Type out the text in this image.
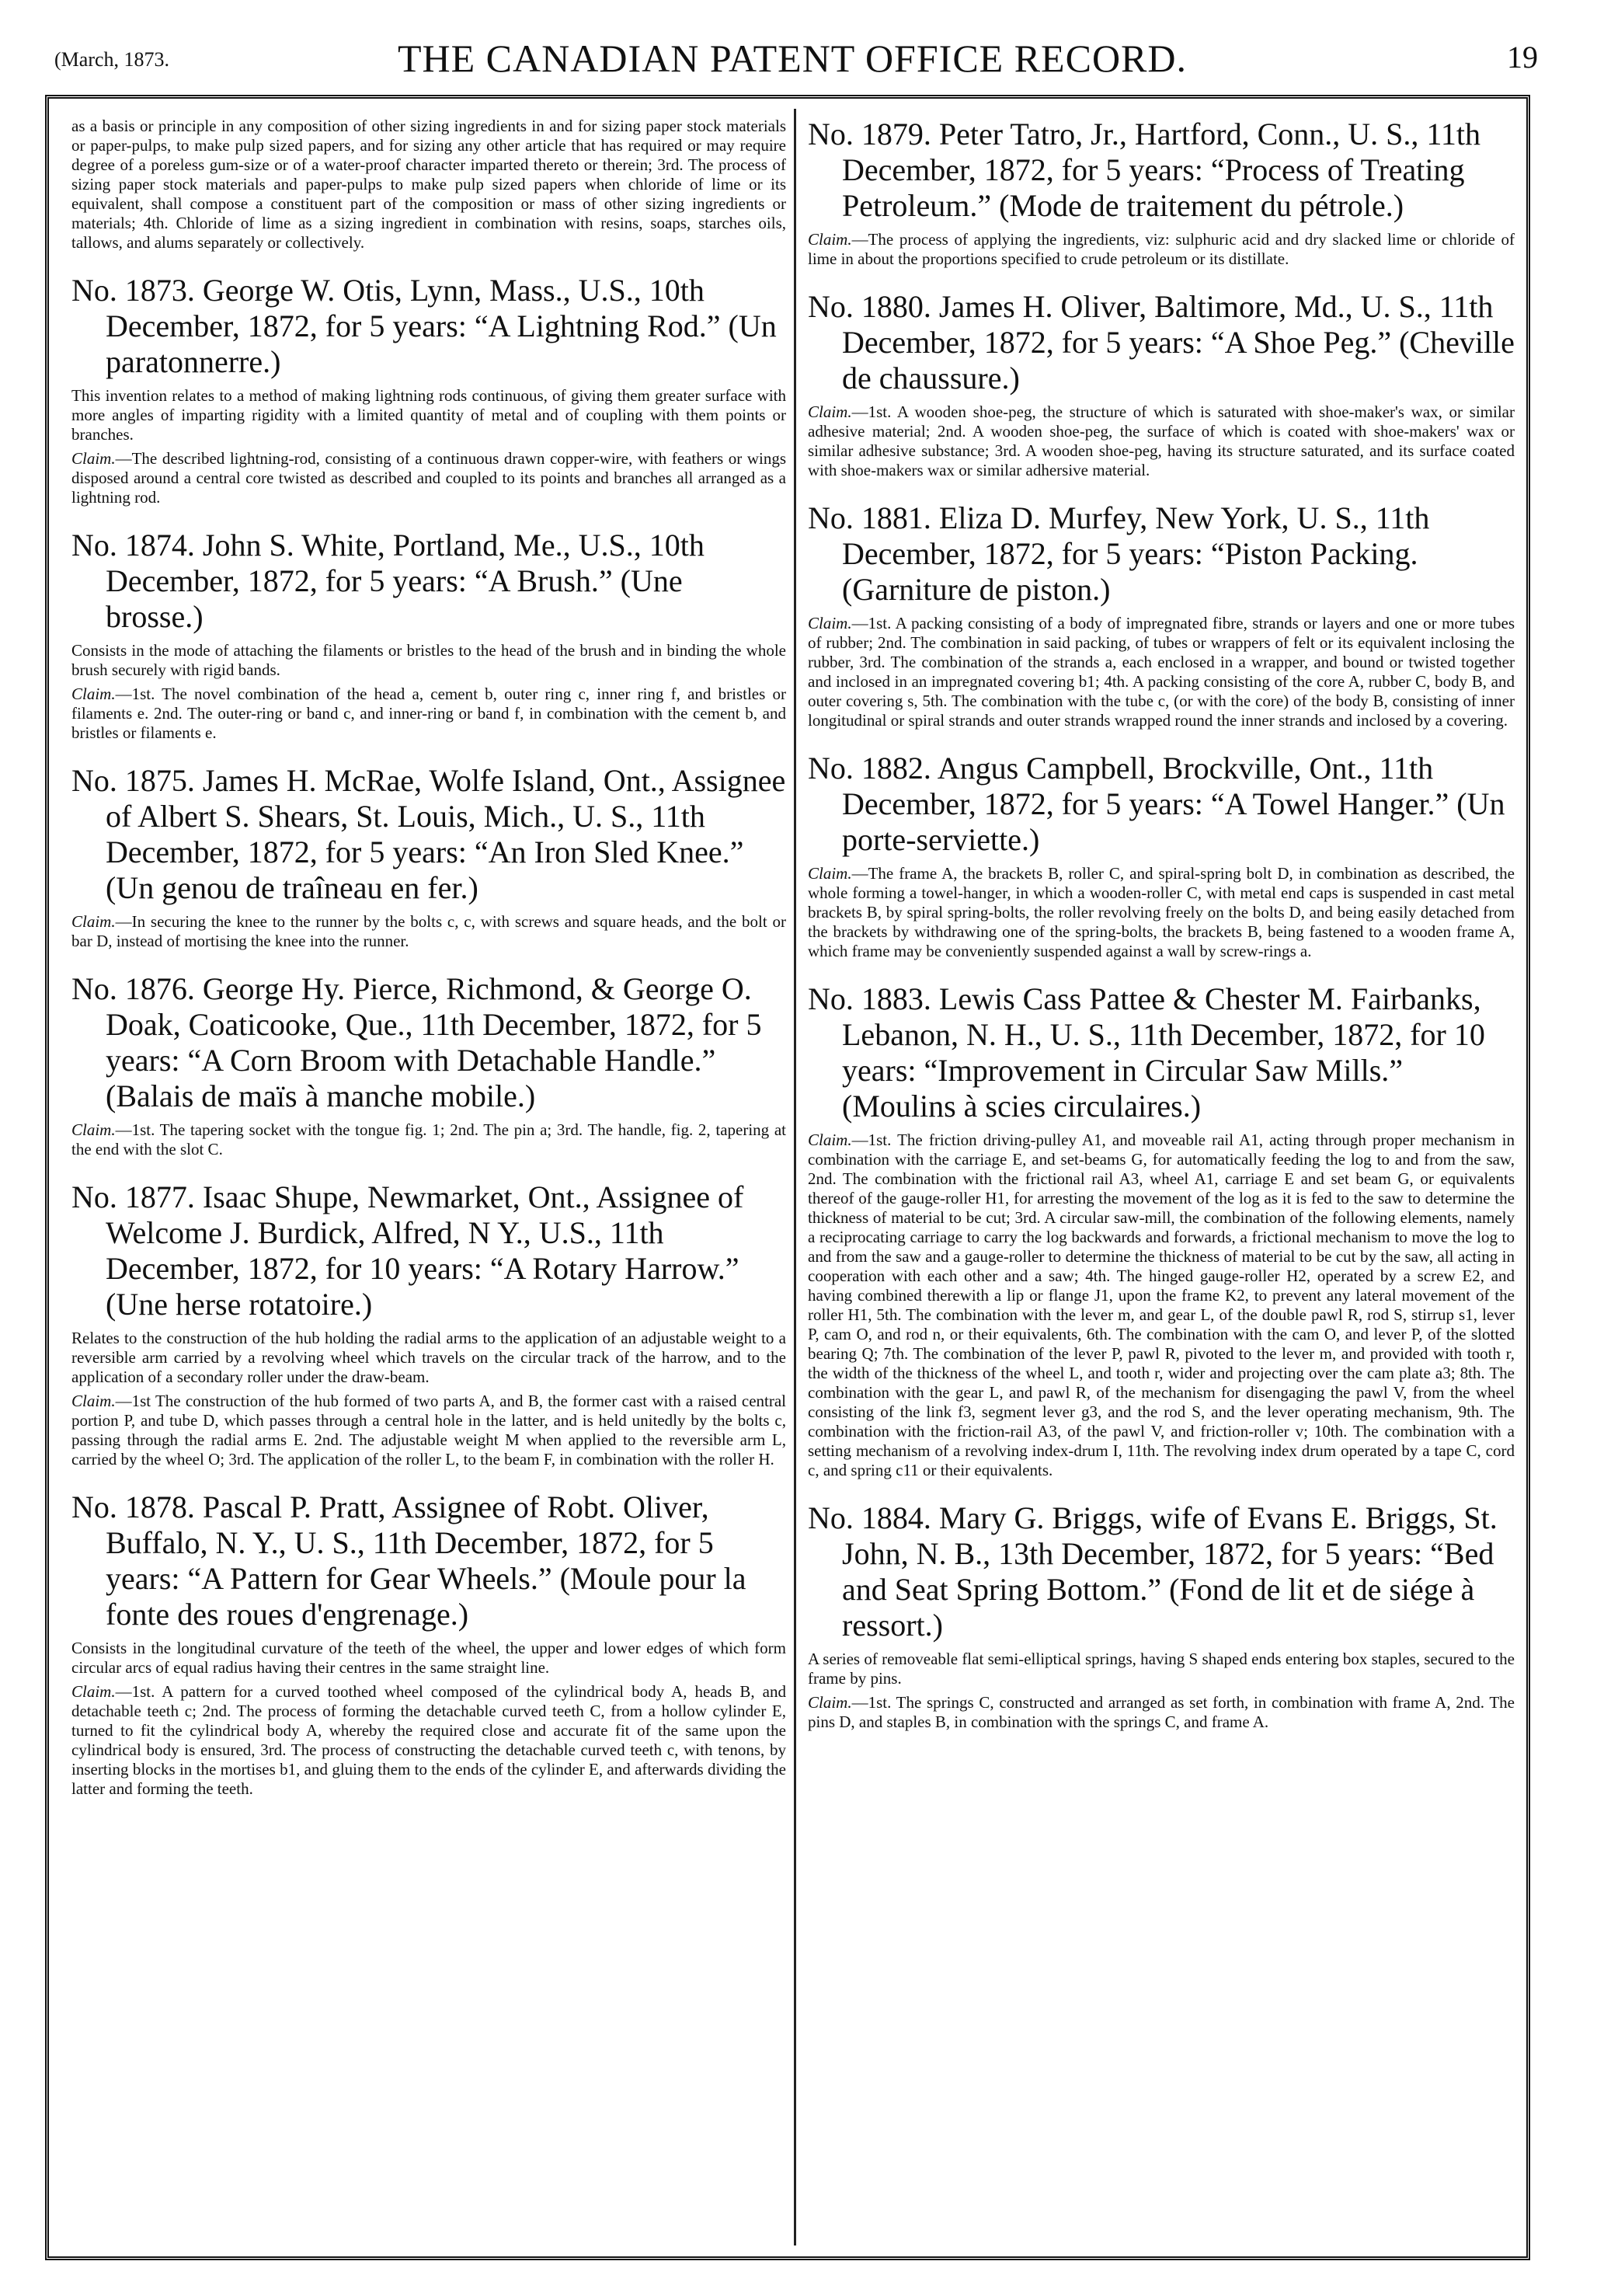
(March, 1873.	THE CANADIAN PATENT OFFICE RECORD.	19

as a basis or principle in any composition of other sizing ingredients in and for sizing paper stock materials or paper-pulps, to make pulp sized papers, and for sizing any other article that has required or may require degree of a poreless gum-size or of a water-proof character imparted thereto or therein; 3rd. The process of sizing paper stock materials and paper-pulps to make pulp sized papers when chloride of lime or its equivalent, shall compose a constituent part of the composition or mass of other sizing ingredients or materials; 4th. Chloride of lime as a sizing ingredient in combination with resins, soaps, starches oils, tallows, and alums separately or collectively.

No. 1873. George W. Otis, Lynn, Mass., U.S., 10th December, 1872, for 5 years: “A Lightning Rod.” (Un paratonnerre.)

This invention relates to a method of making lightning rods continuous, of giving them greater surface with more angles of imparting rigidity with a limited quantity of metal and of coupling with them points or branches.

Claim.—The described lightning-rod, consisting of a continuous drawn copper-wire, with feathers or wings disposed around a central core twisted as described and coupled to its points and branches all arranged as a lightning rod.

No. 1874. John S. White, Portland, Me., U.S., 10th December, 1872, for 5 years: “A Brush.” (Une brosse.)

Consists in the mode of attaching the filaments or bristles to the head of the brush and in binding the whole brush securely with rigid bands.

Claim.—1st. The novel combination of the head a, cement b, outer ring c, inner ring f, and bristles or filaments e. 2nd. The outer-ring or band c, and inner-ring or band f, in combination with the cement b, and bristles or filaments e.

No. 1875. James H. McRae, Wolfe Island, Ont., Assignee of Albert S. Shears, St. Louis, Mich., U. S., 11th December, 1872, for 5 years: “An Iron Sled Knee.” (Un genou de traîneau en fer.)

Claim.—In securing the knee to the runner by the bolts c, c, with screws and square heads, and the bolt or bar D, instead of mortising the knee into the runner.

No. 1876. George Hy. Pierce, Richmond, & George O. Doak, Coaticooke, Que., 11th December, 1872, for 5 years: “A Corn Broom with Detachable Handle.” (Balais de maïs à manche mobile.)

Claim.—1st. The tapering socket with the tongue fig. 1; 2nd. The pin a; 3rd. The handle, fig. 2, tapering at the end with the slot C.

No. 1877. Isaac Shupe, Newmarket, Ont., Assignee of Welcome J. Burdick, Alfred, N Y., U.S., 11th December, 1872, for 10 years: “A Rotary Harrow.” (Une herse rotatoire.)

Relates to the construction of the hub holding the radial arms to the application of an adjustable weight to a reversible arm carried by a revolving wheel which travels on the circular track of the harrow, and to the application of a secondary roller under the draw-beam.

Claim.—1st The construction of the hub formed of two parts A, and B, the former cast with a raised central portion P, and tube D, which passes through a central hole in the latter, and is held unitedly by the bolts c, passing through the radial arms E. 2nd. The adjustable weight M when applied to the reversible arm L, carried by the wheel O; 3rd. The application of the roller L, to the beam F, in combination with the roller H.

No. 1878. Pascal P. Pratt, Assignee of Robt. Oliver, Buffalo, N. Y., U. S., 11th December, 1872, for 5 years: “A Pattern for Gear Wheels.” (Moule pour la fonte des roues d'engrenage.)

Consists in the longitudinal curvature of the teeth of the wheel, the upper and lower edges of which form circular arcs of equal radius having their centres in the same straight line.

Claim.—1st. A pattern for a curved toothed wheel composed of the cylindrical body A, heads B, and detachable teeth c; 2nd. The process of forming the detachable curved teeth C, from a hollow cylinder E, turned to fit the cylindrical body A, whereby the required close and accurate fit of the same upon the cylindrical body is ensured, 3rd. The process of constructing the detachable curved teeth c, with tenons, by inserting blocks in the mortises b1, and gluing them to the ends of the cylinder E, and afterwards dividing the latter and forming the teeth.

No. 1879. Peter Tatro, Jr., Hartford, Conn., U. S., 11th December, 1872, for 5 years: “Process of Treating Petroleum.” (Mode de traitement du pétrole.)

Claim.—The process of applying the ingredients, viz: sulphuric acid and dry slacked lime or chloride of lime in about the proportions specified to crude petroleum or its distillate.

No. 1880. James H. Oliver, Baltimore, Md., U. S., 11th December, 1872, for 5 years: “A Shoe Peg.” (Cheville de chaussure.)

Claim.—1st. A wooden shoe-peg, the structure of which is saturated with shoe-maker's wax, or similar adhesive material; 2nd. A wooden shoe-peg, the surface of which is coated with shoe-makers' wax or similar adhesive substance; 3rd. A wooden shoe-peg, having its structure saturated, and its surface coated with shoe-makers wax or similar adhersive material.

No. 1881. Eliza D. Murfey, New York, U. S., 11th December, 1872, for 5 years: “Piston Packing. (Garniture de piston.)

Claim.—1st. A packing consisting of a body of impregnated fibre, strands or layers and one or more tubes of rubber; 2nd. The combination in said packing, of tubes or wrappers of felt or its equivalent inclosing the rubber, 3rd. The combination of the strands a, each enclosed in a wrapper, and bound or twisted together and inclosed in an impregnated covering b1; 4th. A packing consisting of the core A, rubber C, body B, and outer covering s, 5th. The combination with the tube c, (or with the core) of the body B, consisting of inner longitudinal or spiral strands and outer strands wrapped round the inner strands and inclosed by a covering.

No. 1882. Angus Campbell, Brockville, Ont., 11th December, 1872, for 5 years: “A Towel Hanger.” (Un porte-serviette.)

Claim.—The frame A, the brackets B, roller C, and spiral-spring bolt D, in combination as described, the whole forming a towel-hanger, in which a wooden-roller C, with metal end caps is suspended in cast metal brackets B, by spiral spring-bolts, the roller revolving freely on the bolts D, and being easily detached from the brackets by withdrawing one of the spring-bolts, the brackets B, being fastened to a wooden frame A, which frame may be conveniently suspended against a wall by screw-rings a.

No. 1883. Lewis Cass Pattee & Chester M. Fairbanks, Lebanon, N. H., U. S., 11th December, 1872, for 10 years: “Improvement in Circular Saw Mills.” (Moulins à scies circulaires.)

Claim.—1st. The friction driving-pulley A1, and moveable rail A1, acting through proper mechanism in combination with the carriage E, and set-beams G, for automatically feeding the log to and from the saw, 2nd. The combination with the frictional rail A3, wheel A1, carriage E and set beam G, or equivalents thereof of the gauge-roller H1, for arresting the movement of the log as it is fed to the saw to determine the thickness of material to be cut; 3rd. A circular saw-mill, the combination of the following elements, namely a reciprocating carriage to carry the log backwards and forwards, a frictional mechanism to move the log to and from the saw and a gauge-roller to determine the thickness of material to be cut by the saw, all acting in cooperation with each other and a saw; 4th. The hinged gauge-roller H2, operated by a screw E2, and having combined therewith a lip or flange J1, upon the frame K2, to prevent any lateral movement of the roller H1, 5th. The combination with the lever m, and gear L, of the double pawl R, rod S, stirrup s1, lever P, cam O, and rod n, or their equivalents, 6th. The combination with the cam O, and lever P, of the slotted bearing Q; 7th. The combination of the lever P, pawl R, pivoted to the lever m, and provided with tooth r, the width of the thickness of the wheel L, and tooth r, wider and projecting over the cam plate a3; 8th. The combination with the gear L, and pawl R, of the mechanism for disengaging the pawl V, from the wheel consisting of the link f3, segment lever g3, and the rod S, and the lever operating mechanism, 9th. The combination with the friction-rail A3, of the pawl V, and friction-roller v; 10th. The combination with a setting mechanism of a revolving index-drum I, 11th. The revolving index drum operated by a tape C, cord c, and spring c11 or their equivalents.

No. 1884. Mary G. Briggs, wife of Evans E. Briggs, St. John, N. B., 13th December, 1872, for 5 years: “Bed and Seat Spring Bottom.” (Fond de lit et de siége à ressort.)

A series of removeable flat semi-elliptical springs, having S shaped ends entering box staples, secured to the frame by pins.

Claim.—1st. The springs C, constructed and arranged as set forth, in combination with frame A, 2nd. The pins D, and staples B, in combination with the springs C, and frame A.
